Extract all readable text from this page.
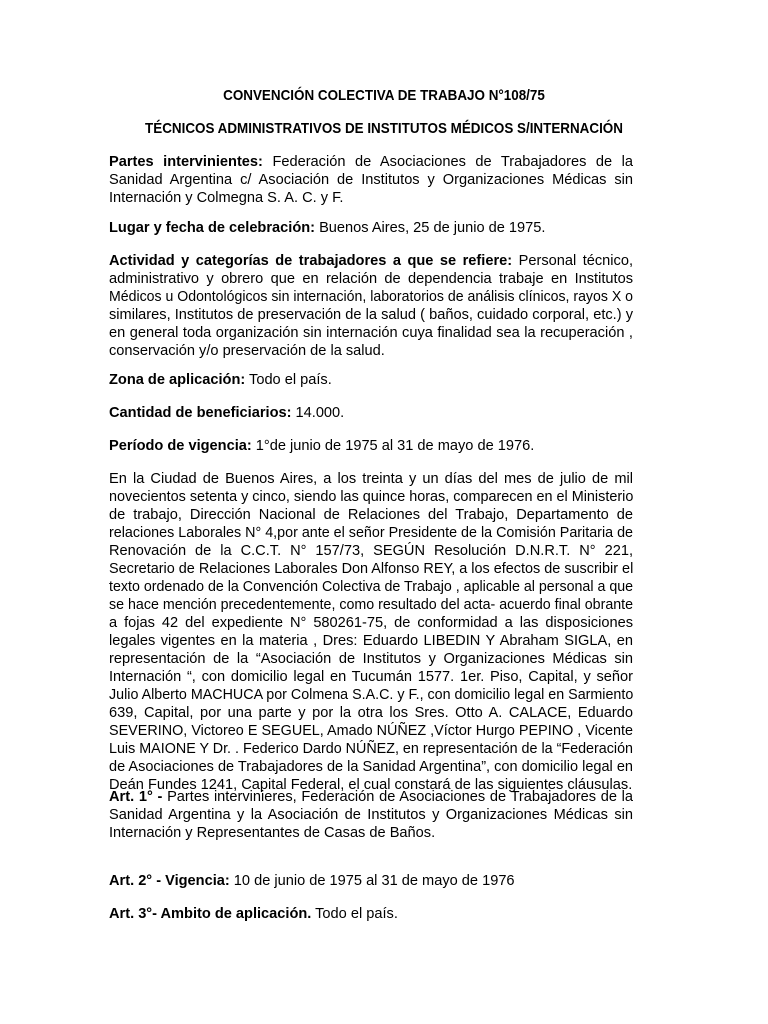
CONVENCIÓN COLECTIVA DE TRABAJO N°108/75
TÉCNICOS ADMINISTRATIVOS DE INSTITUTOS MÉDICOS S/INTERNACIÓN
Partes intervinientes: Federación de Asociaciones de Trabajadores de la
Sanidad Argentina c/ Asociación de Institutos y Organizaciones Médicas sin
Internación y Colmegna S. A. C. y F.
Lugar y fecha de celebración: Buenos Aires, 25 de junio de 1975.
Actividad y categorías de trabajadores a que se refiere: Personal técnico,
administrativo y obrero que en relación de dependencia trabaje en Institutos
Médicos u Odontológicos sin internación, laboratorios de análisis clínicos, rayos X o
similares, Institutos de preservación de la salud ( baños, cuidado corporal, etc.) y
en general toda organización sin internación cuya finalidad sea la recuperación ,
conservación y/o preservación de la salud.
Zona de aplicación: Todo el país.
Cantidad de beneficiarios: 14.000.
Período de vigencia: 1°de junio de 1975 al 31 de mayo de 1976.
En la Ciudad de Buenos Aires, a los treinta y un días del mes de julio de mil
novecientos setenta y cinco, siendo las quince horas, comparecen en el Ministerio
de trabajo, Dirección Nacional de Relaciones del Trabajo, Departamento de
relaciones Laborales N° 4,por ante el señor Presidente de la Comisión Paritaria de
Renovación de la C.C.T. N° 157/73, SEGÚN Resolución D.N.R.T. N° 221,
Secretario de Relaciones Laborales Don Alfonso REY, a los efectos de suscribir el
texto ordenado de la Convención Colectiva de Trabajo , aplicable al personal a que
se hace mención precedentemente, como resultado del acta- acuerdo final obrante
a fojas 42 del expediente N° 580261-75, de conformidad a las disposiciones
legales vigentes en la materia , Dres: Eduardo LIBEDIN Y Abraham SIGLA, en
representación de la “Asociación de Institutos y Organizaciones Médicas sin
Internación “, con domicilio legal en Tucumán 1577. 1er. Piso, Capital, y señor
Julio Alberto MACHUCA por Colmena S.A.C. y F., con domicilio legal en Sarmiento
639, Capital, por una parte y por la otra los Sres. Otto A. CALACE, Eduardo
SEVERINO, Victoreo E SEGUEL, Amado NÚÑEZ ,Víctor Hurgo PEPINO , Vicente
Luis MAIONE Y Dr. . Federico Dardo NÚÑEZ, en representación de la “Federación
de Asociaciones de Trabajadores de la Sanidad Argentina”, con domicilio legal en
Deán Fundes 1241, Capital Federal, el cual constará de las siguientes cláusulas.
Art. 1° - Partes intervinieres, Federación de Asociaciones de Trabajadores de la
Sanidad Argentina y la Asociación de Institutos y Organizaciones Médicas sin
Internación y Representantes de Casas de Baños.
Art. 2° - Vigencia: 10 de junio de 1975 al 31 de mayo de 1976
Art. 3°- Ambito de aplicación. Todo el país.
